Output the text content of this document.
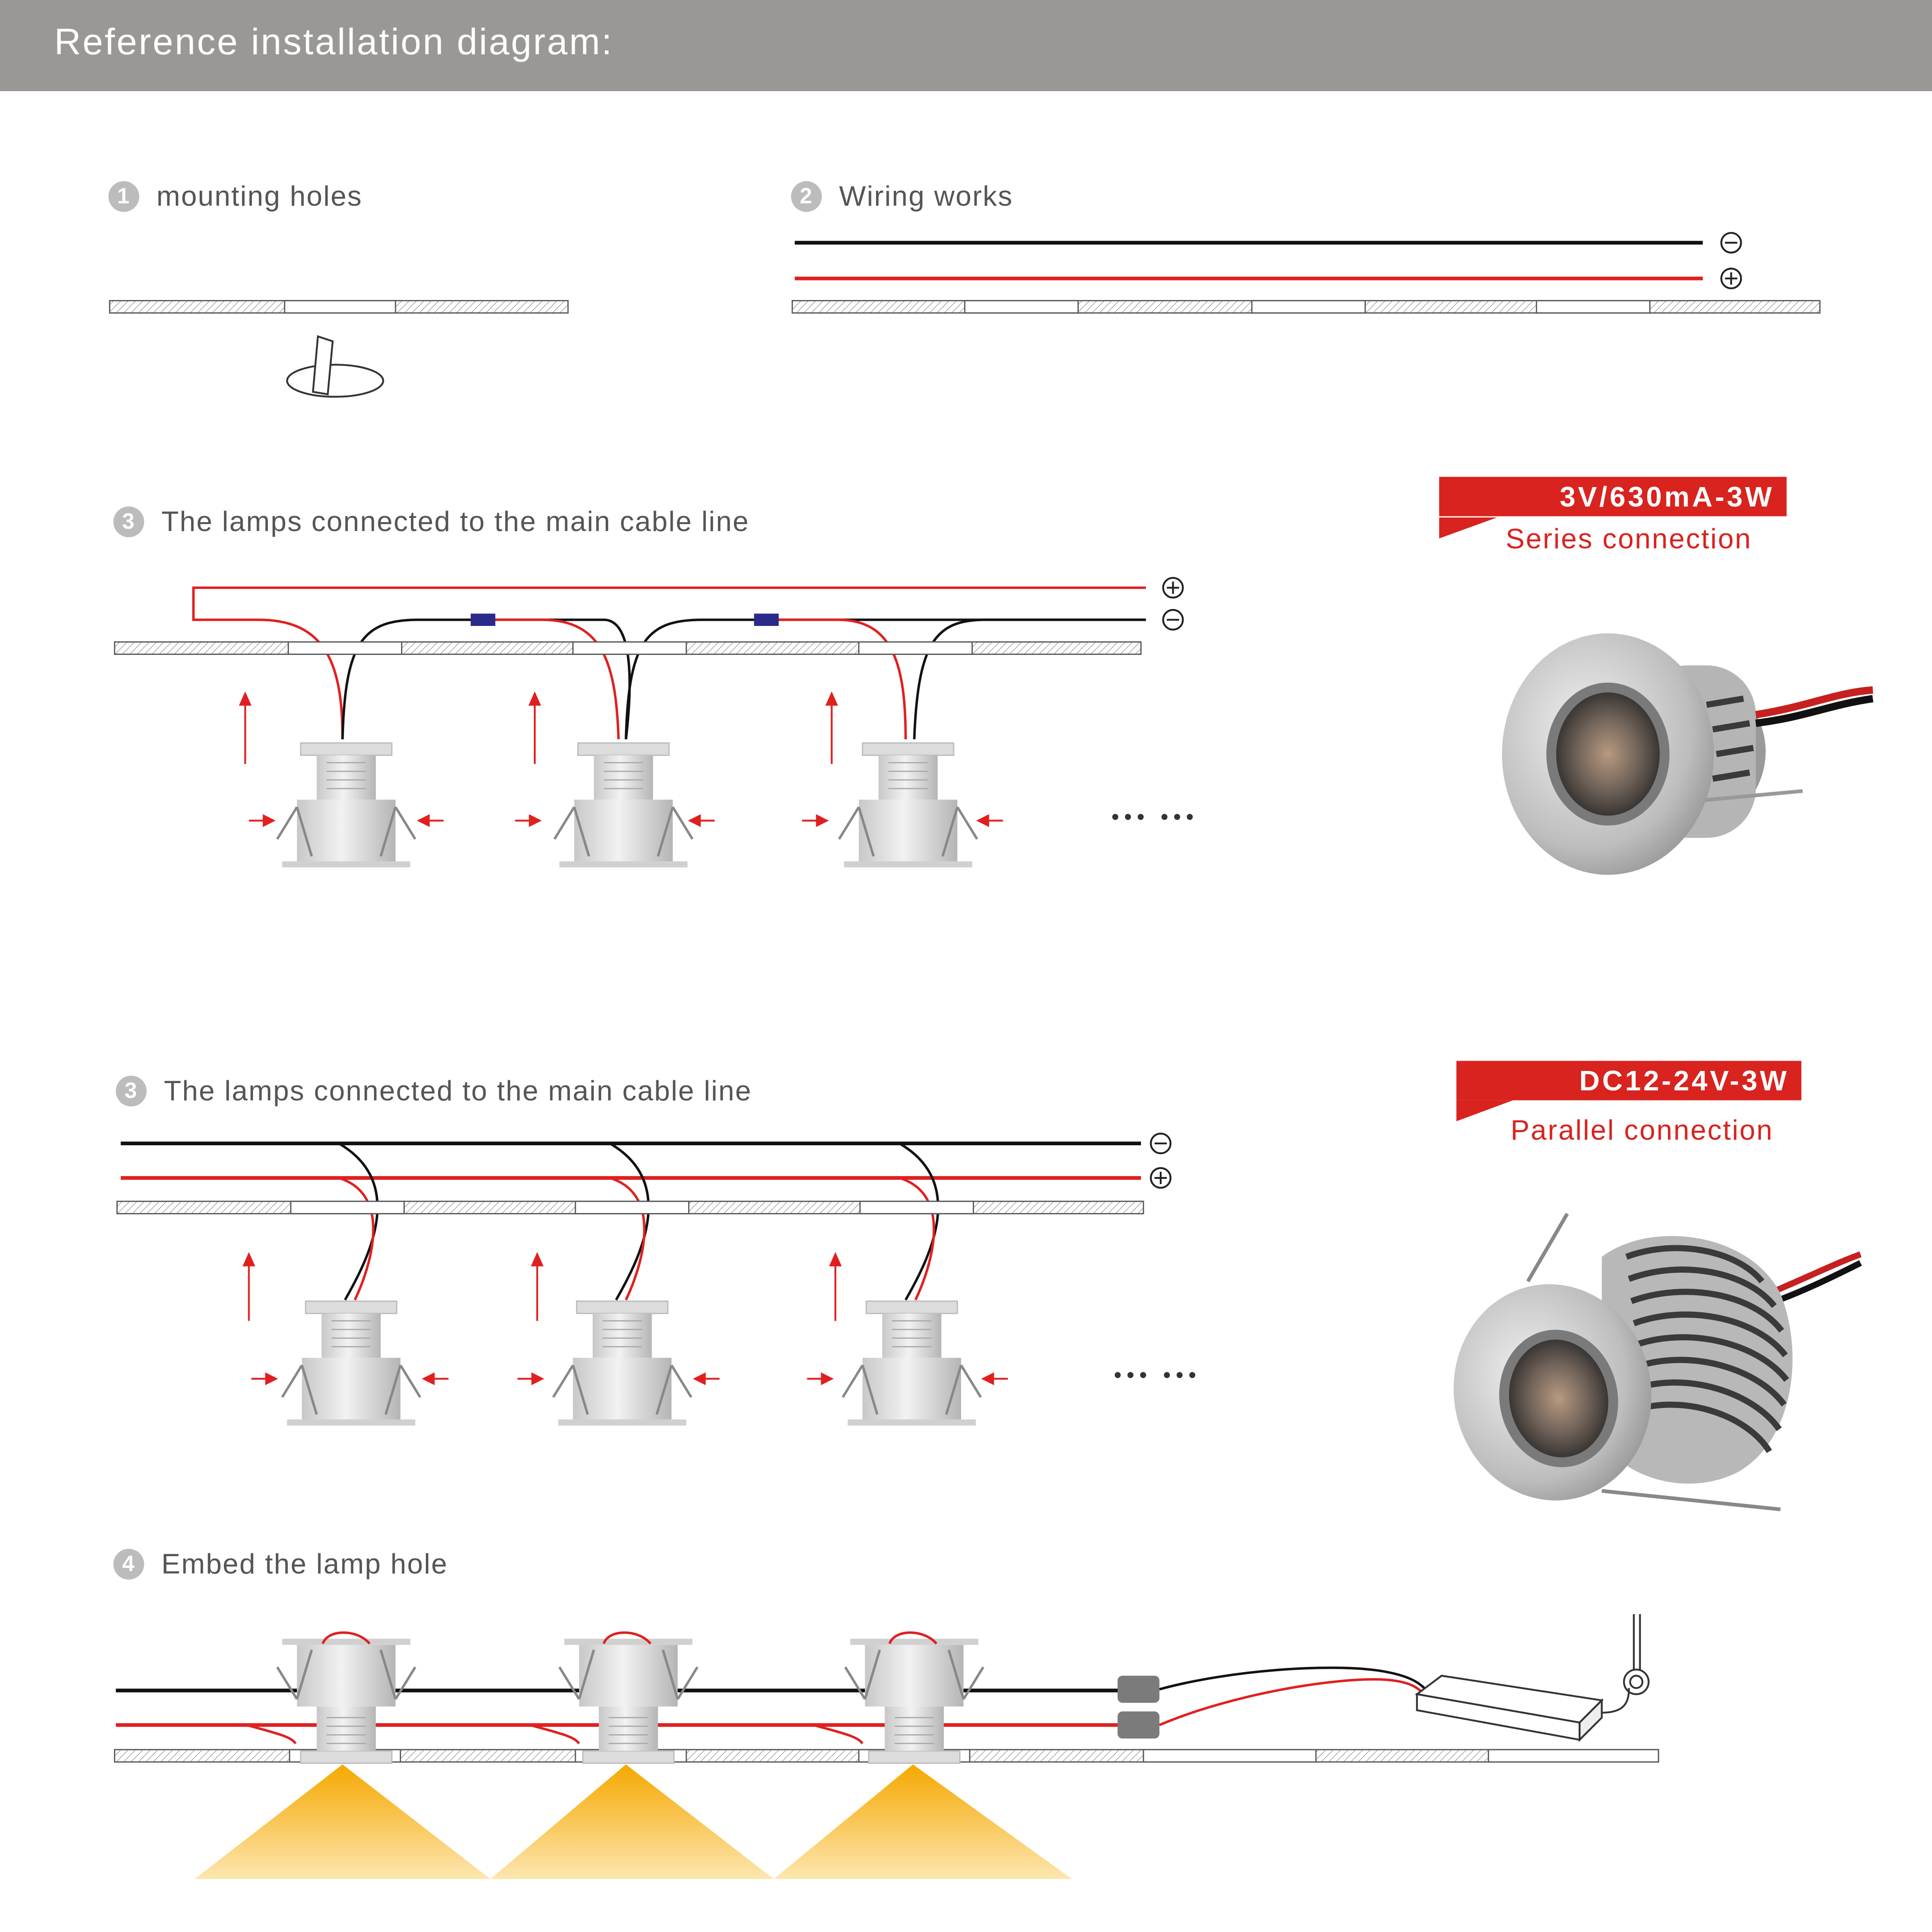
Reference installation diagram:
1 mounting holes	2 Wiring works
3 The lamps connected to the main cable line
3 The lamps connected to the main cable line
4 Embed the lamp hole
3V/630mA-3W
Series connection
DC12-24V-3W
Parallel connection
••• •••
••• •••
